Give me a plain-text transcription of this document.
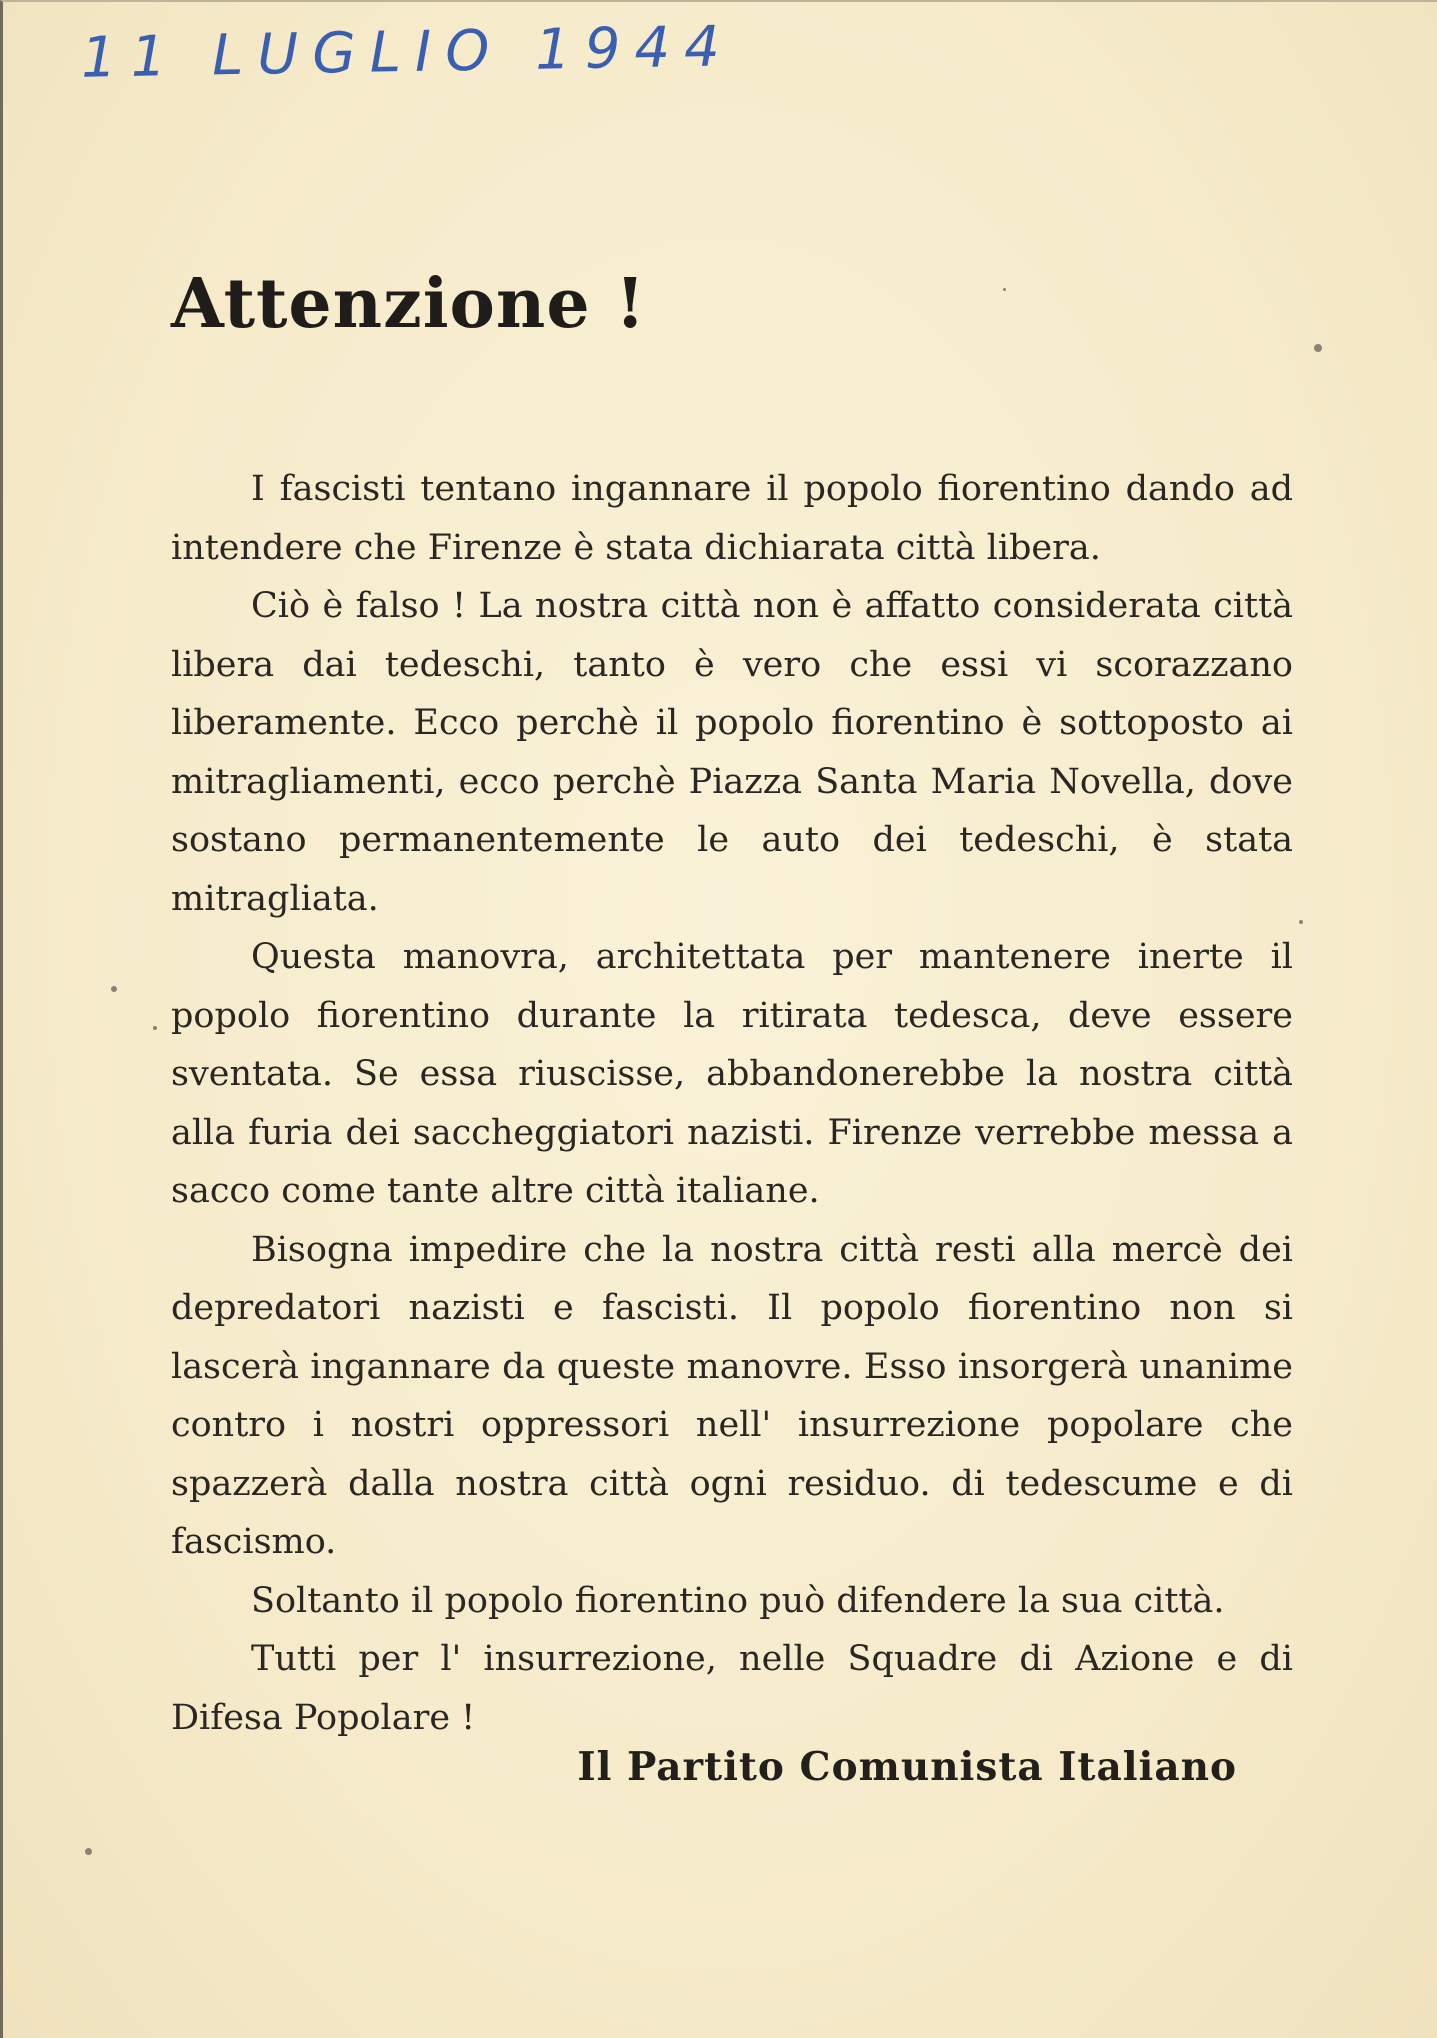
11 LUGLIO 1944
Attenzione !

I fascisti tentano ingannare il popolo fiorentino dando ad intendere che Firenze è stata dichiarata città libera.

Ciò è falso ! La nostra città non è affatto considerata città libera dai tedeschi, tanto è vero che essi vi scorazzano liberamente. Ecco perchè il popolo fiorentino è sottoposto ai mitragliamenti, ecco perchè Piazza Santa Maria Novella, dove sostano permanentemente le auto dei tedeschi, è stata mitragliata.

Questa manovra, architettata per mantenere inerte il popolo fiorentino durante la ritirata tedesca, deve essere sventata. Se essa riuscisse, abbandonerebbe la nostra città alla furia dei saccheggiatori nazisti. Firenze verrebbe messa a sacco come tante altre città italiane.

Bisogna impedire che la nostra città resti alla mercè dei depredatori nazisti e fascisti. Il popolo fiorentino non si lascerà ingannare da queste manovre. Esso insorgerà unanime contro i nostri oppressori nell' insurrezione popolare che spazzerà dalla nostra città ogni residuo. di tedescume e di fascismo.

Soltanto il popolo fiorentino può difendere la sua città.

Tutti per l' insurrezione, nelle Squadre di Azione e di Difesa Popolare !

Il Partito Comunista Italiano
